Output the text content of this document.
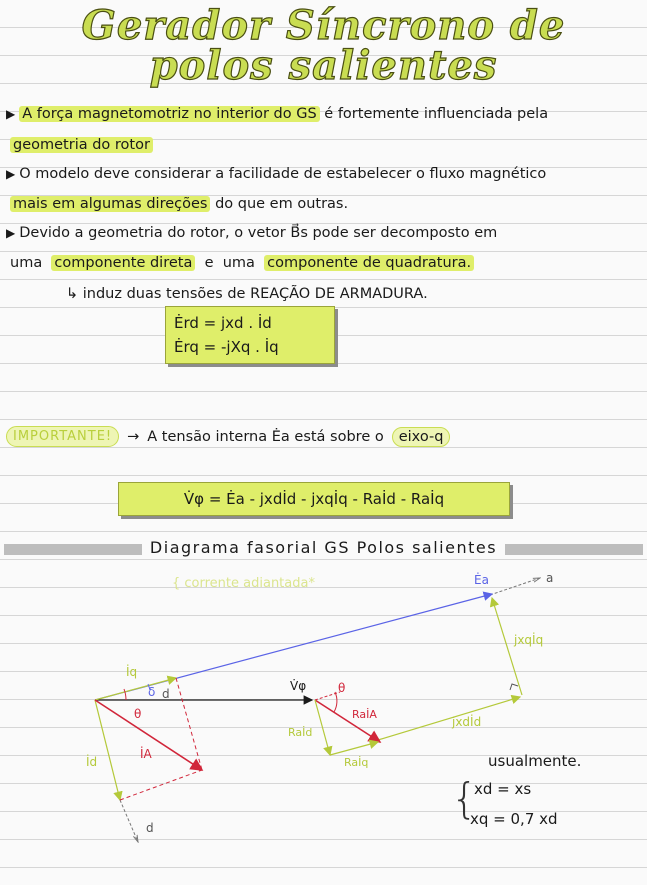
Gerador Síncrono de
polos salientes
▶ A força magnetomotriz no interior do GS é fortemente influenciada pela
geometria do rotor
▶ O modelo deve considerar a facilidade de estabelecer o fluxo magnético
mais em algumas direções do que em outras.
▶ Devido a geometria do rotor, o vetor B⃗s pode ser decomposto em
uma  componente direta  e  uma  componente de quadratura.
↳ induz duas tensões de REAÇÃO DE ARMADURA.
Ėrd = jxd . İd
Ėrq = -jXq . İq
IMPORTANTE!	→ A tensão interna Ėa está sobre o	eixo-q
V̇φ = Ėa - jxdİd - jxqİq - Raİd - Raİq
Diagrama fasorial GS Polos salientes
{ corrente adiantada*	Ėa	a
jxqİq
jxdİd
İq
δ d
V̇φ
θ
θ
RaİA
Raİd
Raİq
İA
İd
d
usualmente.
{
xd = xs
xq = 0,7 xd
